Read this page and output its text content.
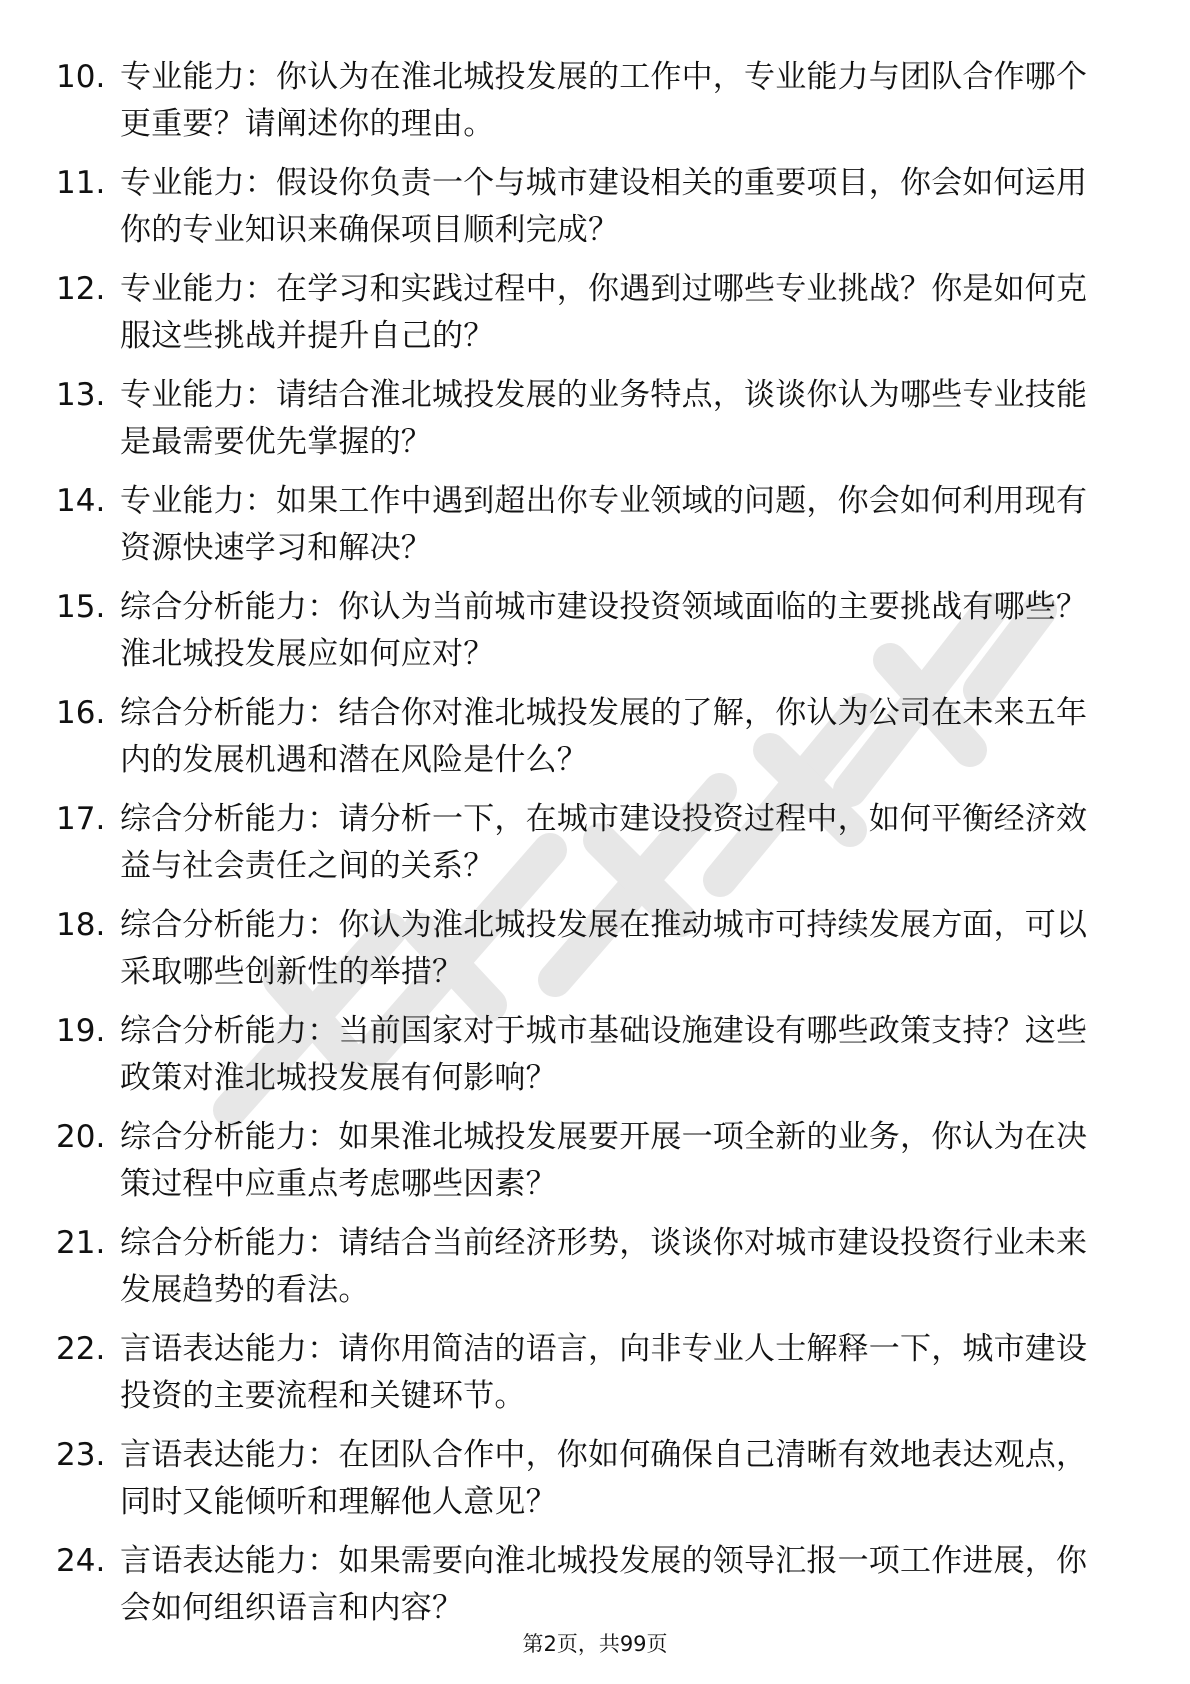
10. 专业能力：你认为在淮北城投发展的工作中，专业能力与团队合作哪个更重要？请阐述你的理由。
11. 专业能力：假设你负责一个与城市建设相关的重要项目，你会如何运用你的专业知识来确保项目顺利完成？
12. 专业能力：在学习和实践过程中，你遇到过哪些专业挑战？你是如何克服这些挑战并提升自己的？
13. 专业能力：请结合淮北城投发展的业务特点，谈谈你认为哪些专业技能是最需要优先掌握的？
14. 专业能力：如果工作中遇到超出你专业领域的问题，你会如何利用现有资源快速学习和解决？
15. 综合分析能力：你认为当前城市建设投资领域面临的主要挑战有哪些？淮北城投发展应如何应对？
16. 综合分析能力：结合你对淮北城投发展的了解，你认为公司在未来五年内的发展机遇和潜在风险是什么？
17. 综合分析能力：请分析一下，在城市建设投资过程中，如何平衡经济效益与社会责任之间的关系？
18. 综合分析能力：你认为淮北城投发展在推动城市可持续发展方面，可以采取哪些创新性的举措？
19. 综合分析能力：当前国家对于城市基础设施建设有哪些政策支持？这些政策对淮北城投发展有何影响？
20. 综合分析能力：如果淮北城投发展要开展一项全新的业务，你认为在决策过程中应重点考虑哪些因素？
21. 综合分析能力：请结合当前经济形势，谈谈你对城市建设投资行业未来发展趋势的看法。
22. 言语表达能力：请你用简洁的语言，向非专业人士解释一下，城市建设投资的主要流程和关键环节。
23. 言语表达能力：在团队合作中，你如何确保自己清晰有效地表达观点，同时又能倾听和理解他人意见？
24. 言语表达能力：如果需要向淮北城投发展的领导汇报一项工作进展，你会如何组织语言和内容？
第2页，共99页
